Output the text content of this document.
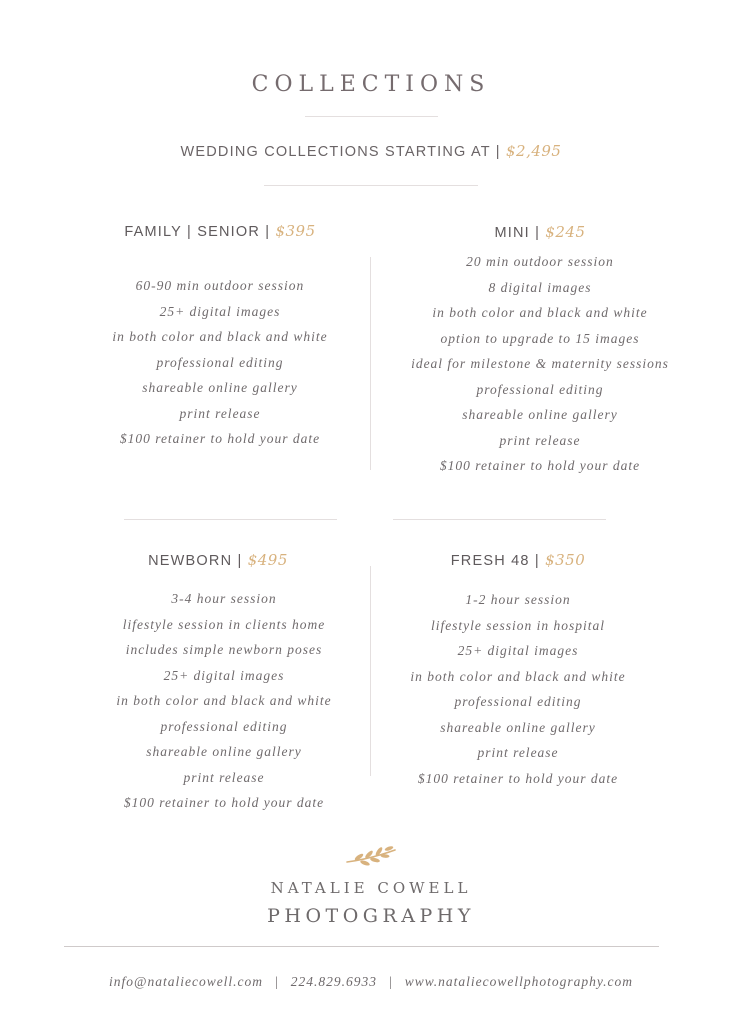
COLLECTIONS
WEDDING COLLECTIONS STARTING AT | $2,495
FAMILY | SENIOR | $395
60-90 min outdoor session
25+ digital images
in both color and black and white
professional editing
shareable online gallery
print release
$100 retainer to hold your date
MINI | $245
20 min outdoor session
8 digital images
in both color and black and white
option to upgrade to 15 images
ideal for milestone & maternity sessions
professional editing
shareable online gallery
print release
$100 retainer to hold your date
NEWBORN | $495
3-4 hour session
lifestyle session in clients home
includes simple newborn poses
25+ digital images
in both color and black and white
professional editing
shareable online gallery
print release
$100 retainer to hold your date
FRESH 48 | $350
1-2 hour session
lifestyle session in hospital
25+ digital images
in both color and black and white
professional editing
shareable online gallery
print release
$100 retainer to hold your date
NATALIE COWELL
PHOTOGRAPHY
info@nataliecowell.com | 224.829.6933 | www.nataliecowellphotography.com
